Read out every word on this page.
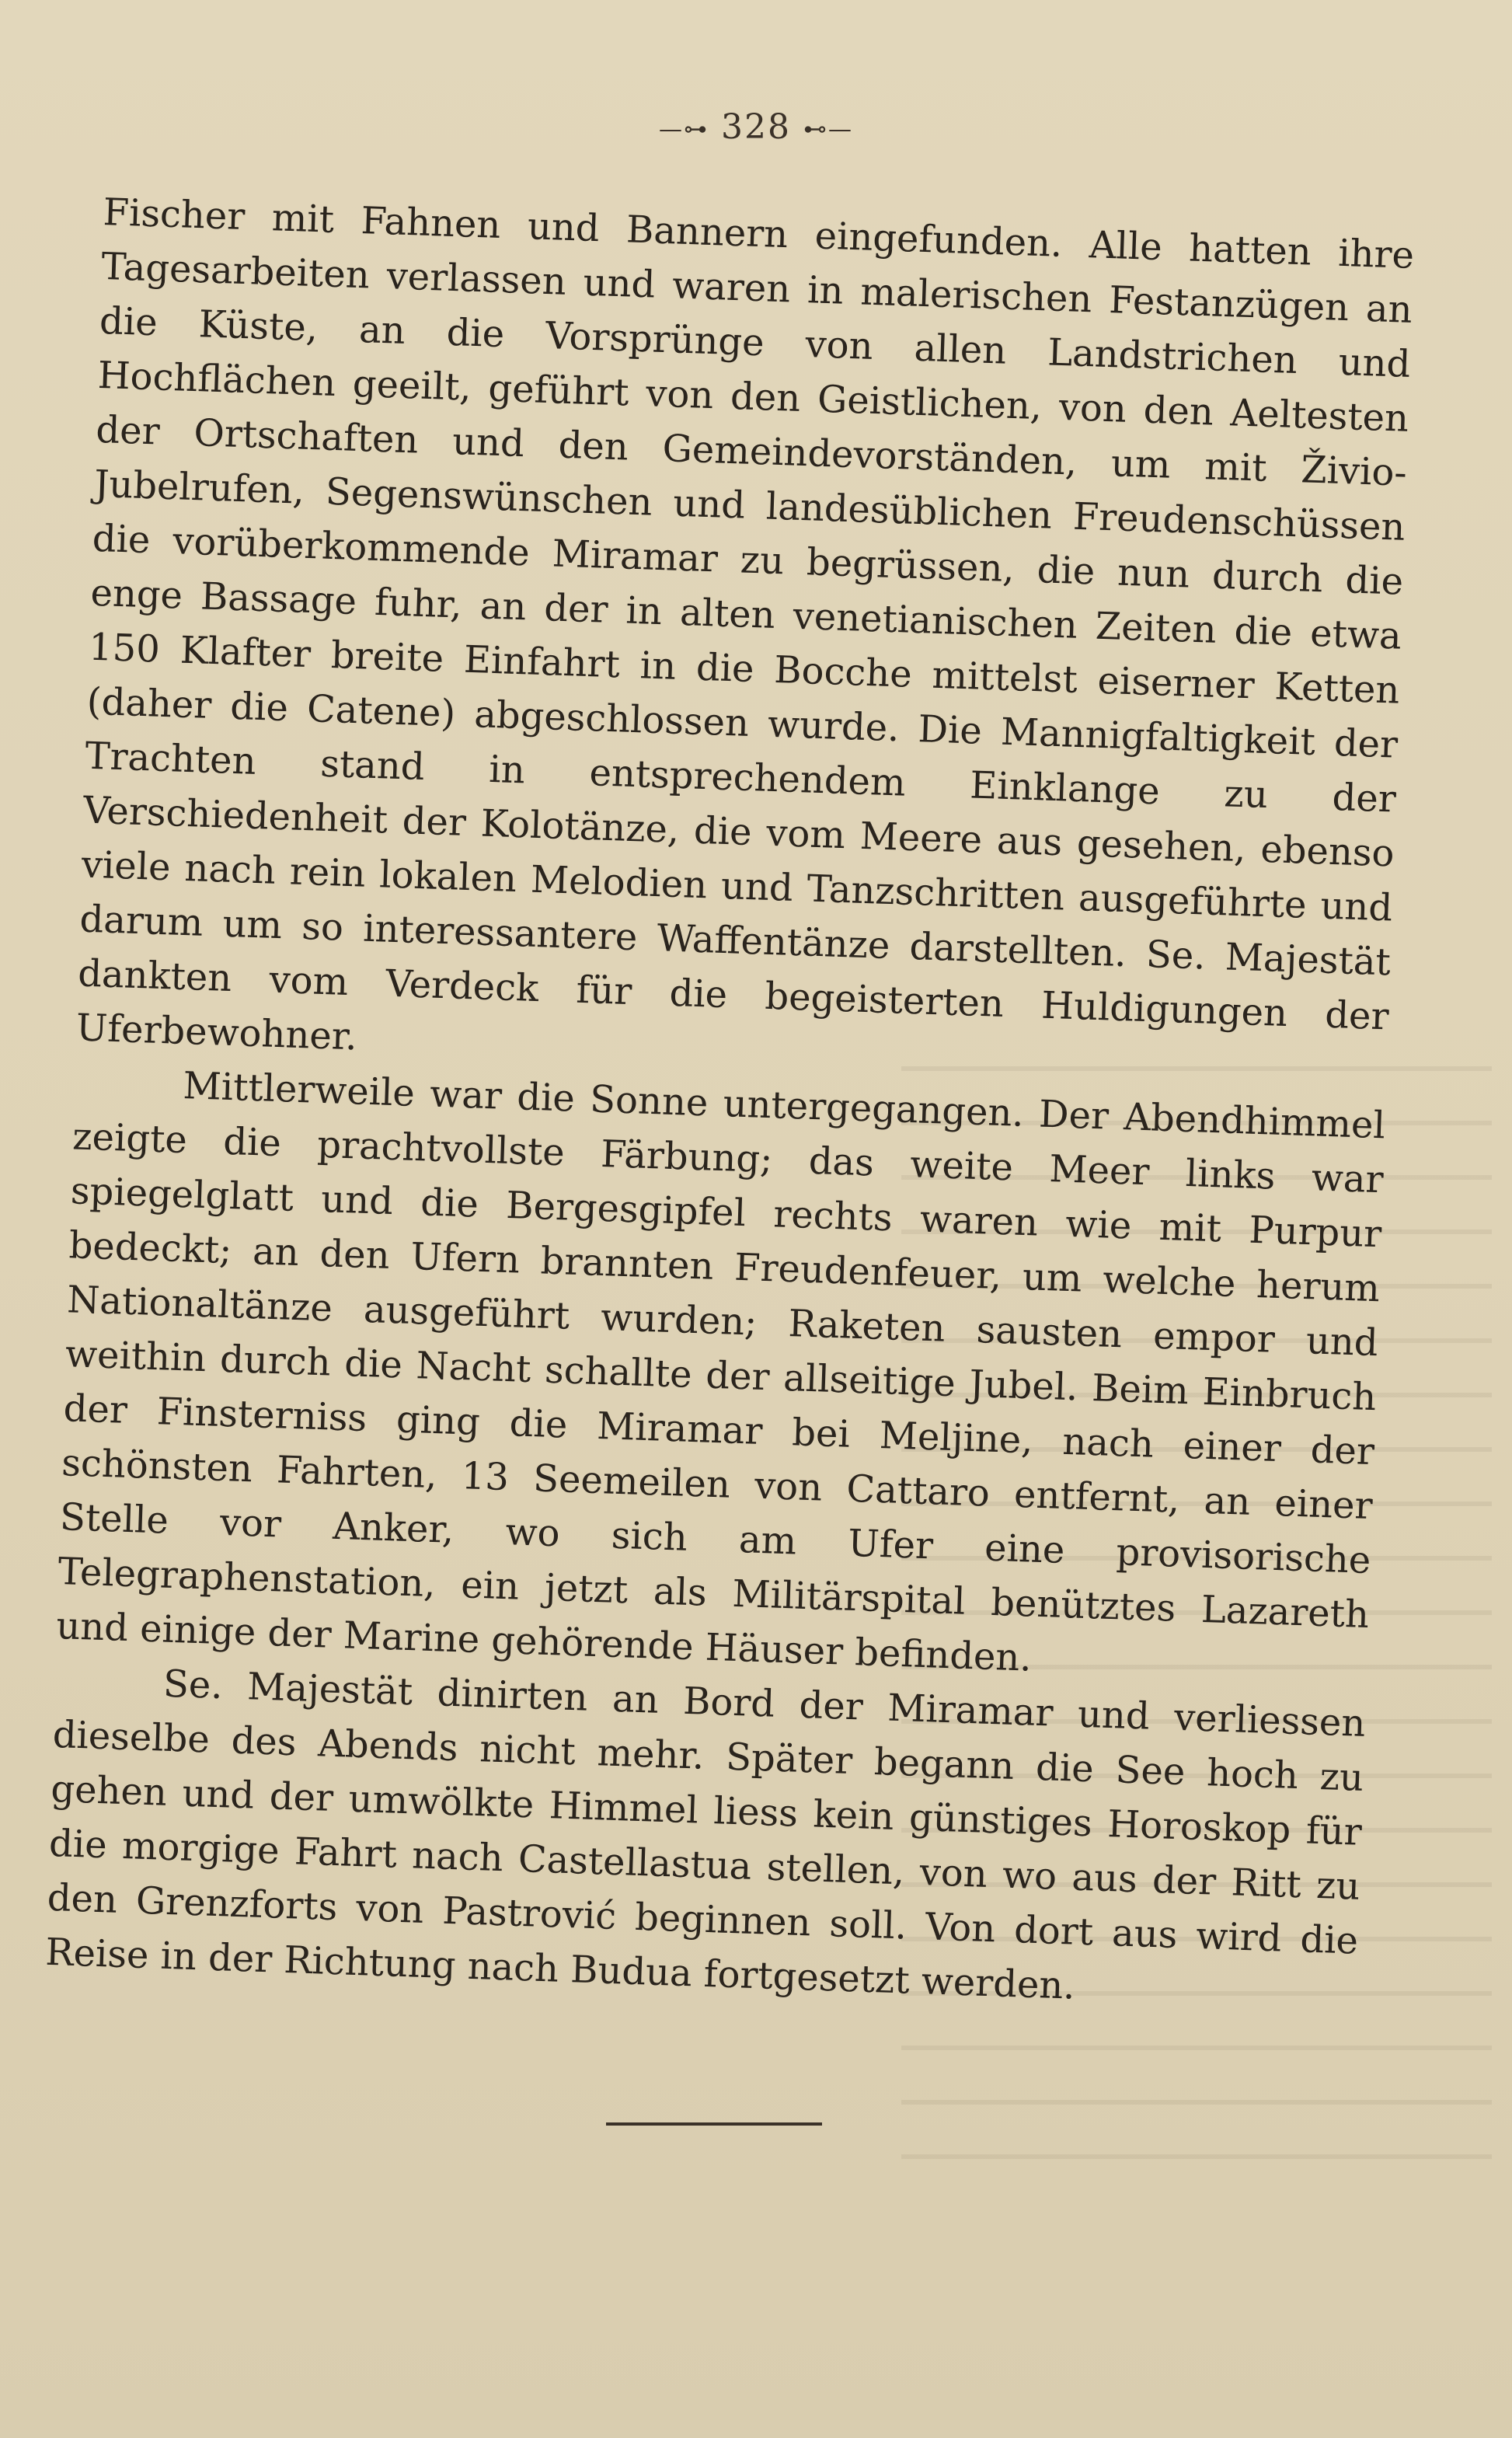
—⊶ 328 ⊷—

Fischer mit Fahnen und Bannern eingefunden. Alle hatten ihre Tagesarbeiten verlassen und waren in malerischen Festanzügen an die Küste, an die Vorsprünge von allen Landstrichen und Hochflächen geeilt, geführt von den Geistlichen, von den Aeltesten der Ortschaften und den Gemeindevorständen, um mit Živio-Jubelrufen, Segenswünschen und landesüblichen Freudenschüssen die vorüberkommende Miramar zu begrüssen, die nun durch die enge Bassage fuhr, an der in alten venetianischen Zeiten die etwa 150 Klafter breite Einfahrt in die Bocche mittelst eiserner Ketten (daher die Catene) abgeschlossen wurde. Die Mannigfaltigkeit der Trachten stand in entsprechendem Einklange zu der Verschiedenheit der Kolotänze, die vom Meere aus gesehen, ebenso viele nach rein lokalen Melodien und Tanzschritten ausgeführte und darum um so interessantere Waffentänze darstellten. Se. Majestät dankten vom Verdeck für die begeisterten Huldigungen der Uferbewohner.

Mittlerweile war die Sonne untergegangen. Der Abendhimmel zeigte die prachtvollste Färbung; das weite Meer links war spiegelglatt und die Bergesgipfel rechts waren wie mit Purpur bedeckt; an den Ufern brannten Freudenfeuer, um welche herum Nationaltänze ausgeführt wurden; Raketen sausten empor und weithin durch die Nacht schallte der allseitige Jubel. Beim Einbruch der Finsterniss ging die Miramar bei Meljine, nach einer der schönsten Fahrten, 13 Seemeilen von Cattaro entfernt, an einer Stelle vor Anker, wo sich am Ufer eine provisorische Telegraphenstation, ein jetzt als Militärspital benütztes Lazareth und einige der Marine gehörende Häuser befinden.

Se. Majestät dinirten an Bord der Miramar und verliessen dieselbe des Abends nicht mehr. Später begann die See hoch zu gehen und der umwölkte Himmel liess kein günstiges Horoskop für die morgige Fahrt nach Castellastua stellen, von wo aus der Ritt zu den Grenzforts von Pastrović beginnen soll. Von dort aus wird die Reise in der Richtung nach Budua fortgesetzt werden.
